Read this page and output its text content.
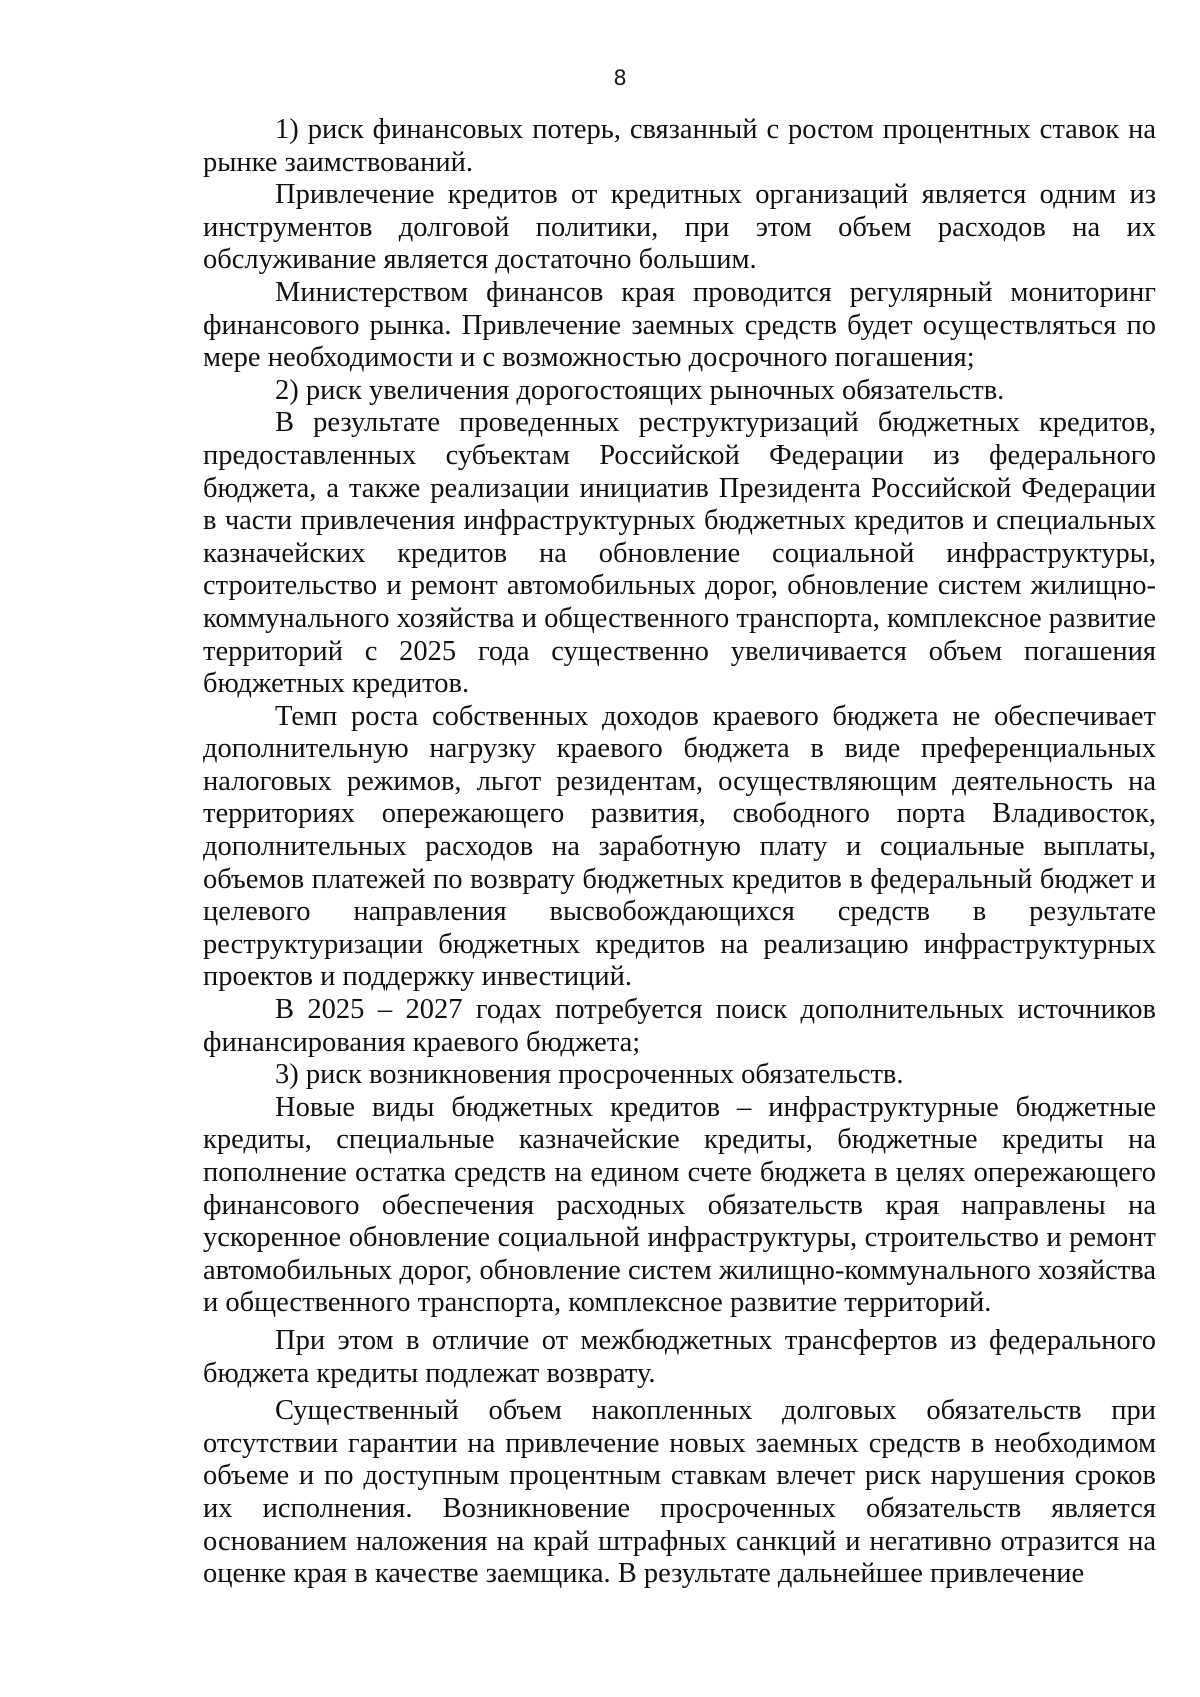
8

1) риск финансовых потерь, связанный с ростом процентных ставок на рынке заимствований.

Привлечение кредитов от кредитных организаций является одним из инструментов долговой политики, при этом объем расходов на их обслуживание является достаточно большим.

Министерством финансов края проводится регулярный мониторинг финансового рынка. Привлечение заемных средств будет осуществляться по мере необходимости и с возможностью досрочного погашения;

2) риск увеличения дорогостоящих рыночных обязательств.

В результате проведенных реструктуризаций бюджетных кредитов, предоставленных субъектам Российской Федерации из федерального бюджета, а также реализации инициатив Президента Российской Федерации в части привлечения инфраструктурных бюджетных кредитов и специальных казначейских кредитов на обновление социальной инфраструктуры, строительство и ремонт автомобильных дорог, обновление систем жилищно-коммунального хозяйства и общественного транспорта, комплексное развитие территорий с 2025 года существенно увеличивается объем погашения бюджетных кредитов.

Темп роста собственных доходов краевого бюджета не обеспечивает дополнительную нагрузку краевого бюджета в виде преференциальных налоговых режимов, льгот резидентам, осуществляющим деятельность на территориях опережающего развития, свободного порта Владивосток, дополнительных расходов на заработную плату и социальные выплаты, объемов платежей по возврату бюджетных кредитов в федеральный бюджет и целевого направления высвобождающихся средств в результате реструктуризации бюджетных кредитов на реализацию инфраструктурных проектов и поддержку инвестиций.

В 2025 – 2027 годах потребуется поиск дополнительных источников финансирования краевого бюджета;

3) риск возникновения просроченных обязательств.

Новые виды бюджетных кредитов – инфраструктурные бюджетные кредиты, специальные казначейские кредиты, бюджетные кредиты на пополнение остатка средств на едином счете бюджета в целях опережающего финансового обеспечения расходных обязательств края направлены на ускоренное обновление социальной инфраструктуры, строительство и ремонт автомобильных дорог, обновление систем жилищно-коммунального хозяйства и общественного транспорта, комплексное развитие территорий.

При этом в отличие от межбюджетных трансфертов из федерального бюджета кредиты подлежат возврату.

Существенный объем накопленных долговых обязательств при отсутствии гарантии на привлечение новых заемных средств в необходимом объеме и по доступным процентным ставкам влечет риск нарушения сроков их исполнения. Возникновение просроченных обязательств является основанием наложения на край штрафных санкций и негативно отразится на оценке края в качестве заемщика. В результате дальнейшее привлечение
